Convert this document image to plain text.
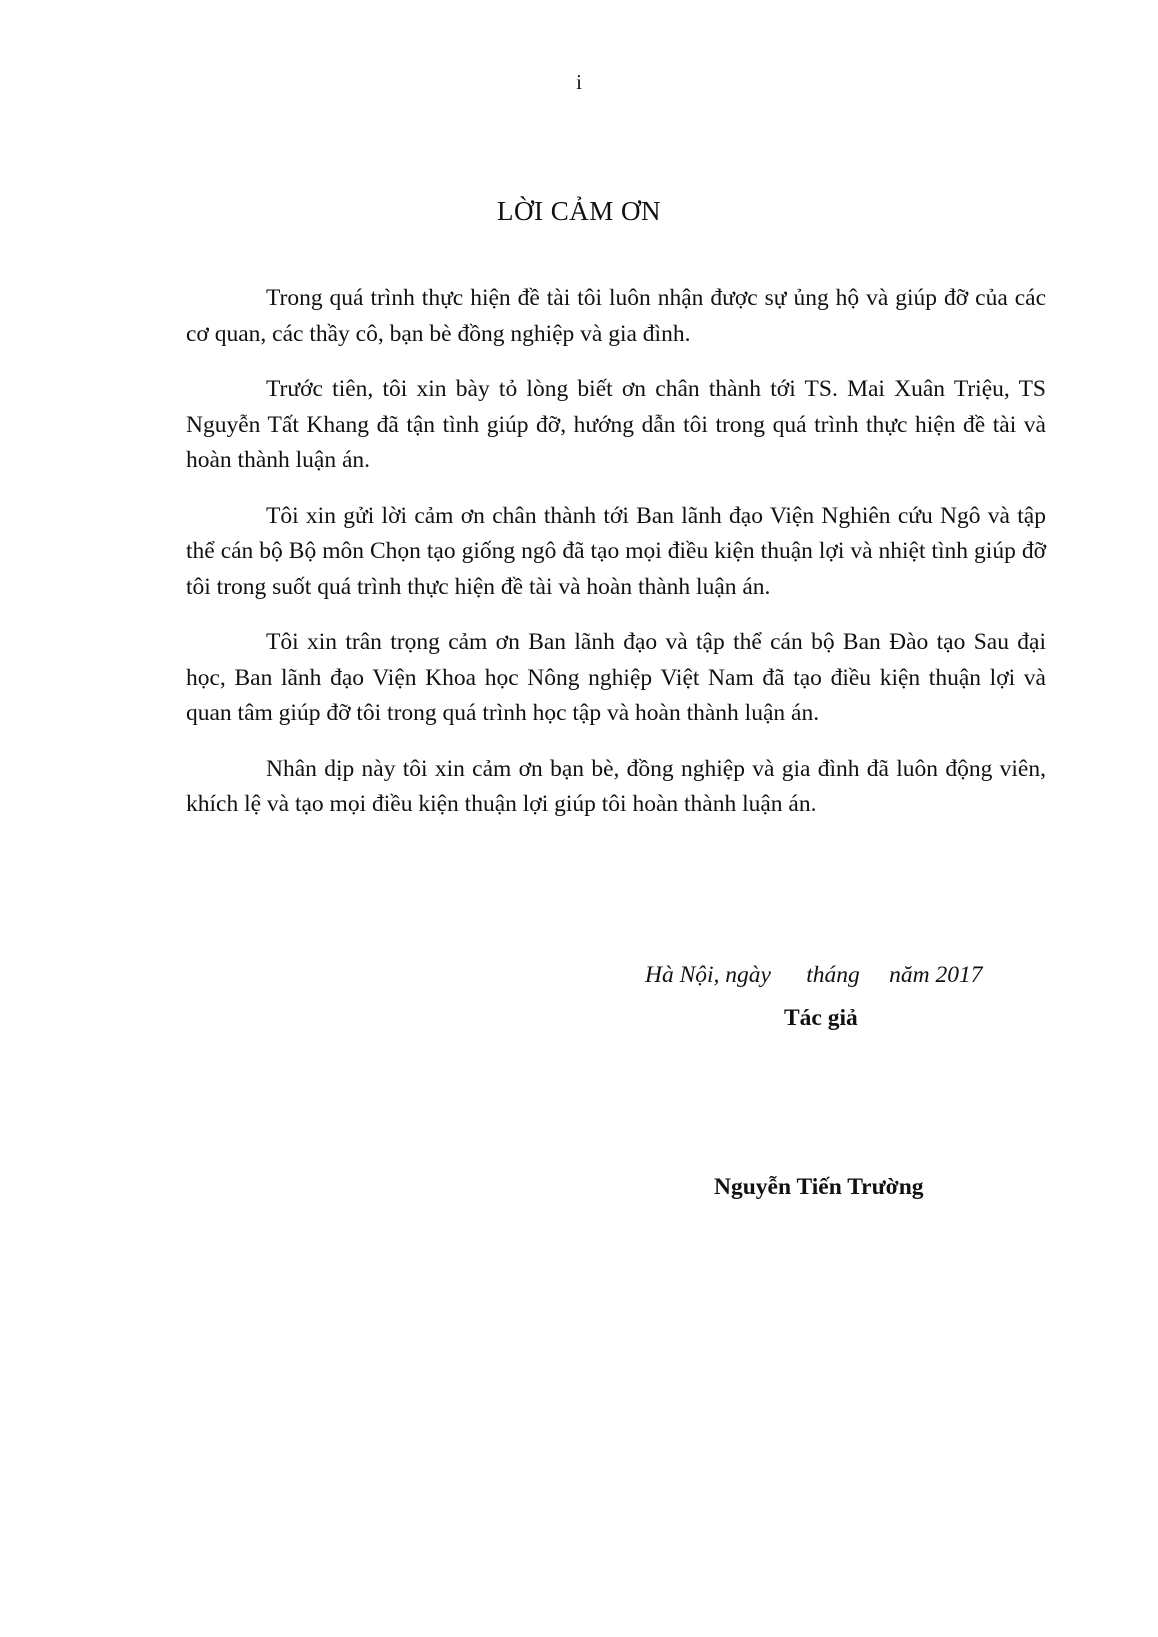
i

LỜI CẢM ƠN

Trong quá trình thực hiện đề tài tôi luôn nhận được sự ủng hộ và giúp đỡ của các cơ quan, các thầy cô, bạn bè đồng nghiệp và gia đình.

Trước tiên, tôi xin bày tỏ lòng biết ơn chân thành tới TS. Mai Xuân Triệu, TS Nguyễn Tất Khang đã tận tình giúp đỡ, hướng dẫn tôi trong quá trình thực hiện đề tài và hoàn thành luận án.

Tôi xin gửi lời cảm ơn chân thành tới Ban lãnh đạo Viện Nghiên cứu Ngô và tập thể cán bộ Bộ môn Chọn tạo giống ngô đã tạo mọi điều kiện thuận lợi và nhiệt tình giúp đỡ tôi trong suốt quá trình thực hiện đề tài và hoàn thành luận án.

Tôi xin trân trọng cảm ơn Ban lãnh đạo và tập thể cán bộ Ban Đào tạo Sau đại học, Ban lãnh đạo Viện Khoa học Nông nghiệp Việt Nam đã tạo điều kiện thuận lợi và quan tâm giúp đỡ tôi trong quá trình học tập và hoàn thành luận án.

Nhân dịp này tôi xin cảm ơn bạn bè, đồng nghiệp và gia đình đã luôn động viên, khích lệ và tạo mọi điều kiện thuận lợi giúp tôi hoàn thành luận án.

Hà Nội, ngày      tháng     năm 2017

Tác giả

Nguyễn Tiến Trường
